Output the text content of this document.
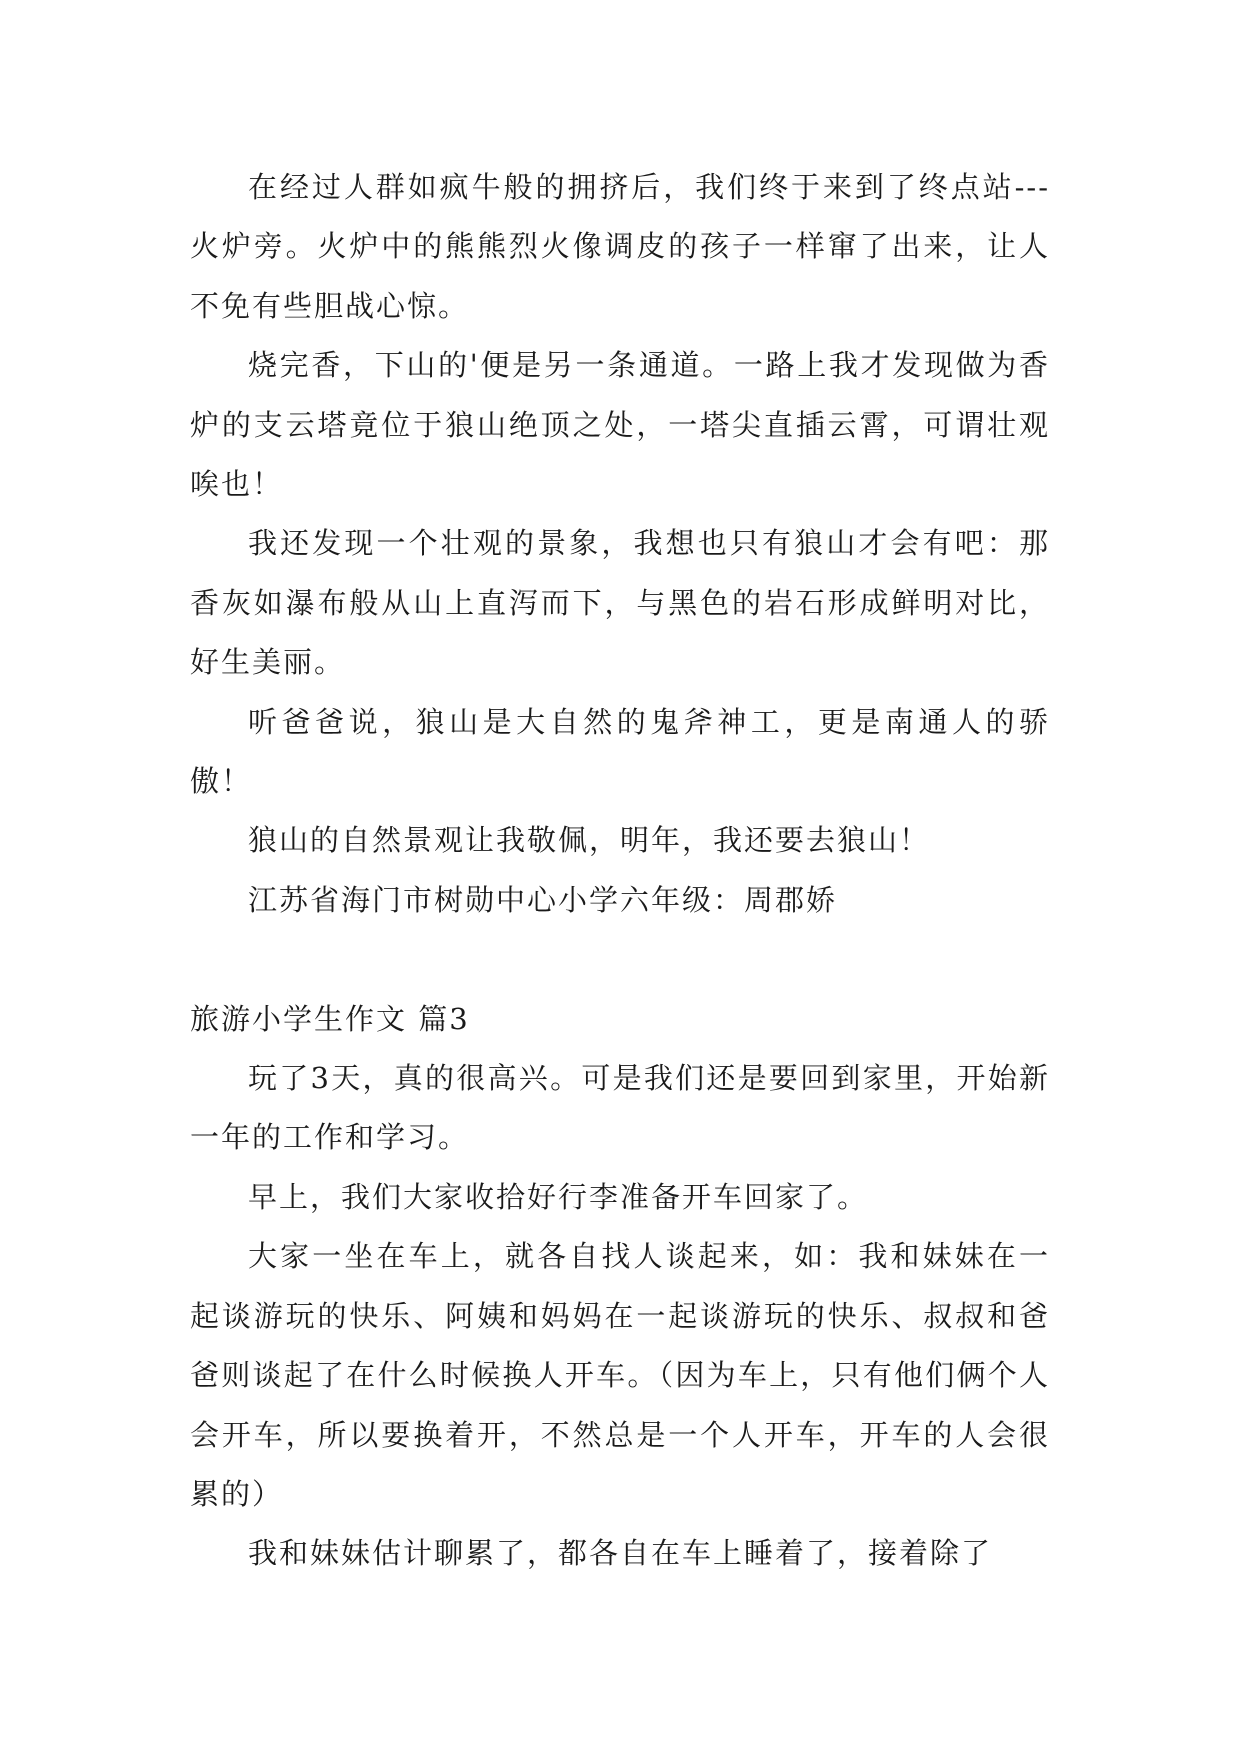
在经过人群如疯牛般的拥挤后，我们终于来到了终点站---火炉旁。火炉中的熊熊烈火像调皮的孩子一样窜了出来，让人不免有些胆战心惊。

烧完香，下山的'便是另一条通道。一路上我才发现做为香炉的支云塔竟位于狼山绝顶之处，一塔尖直插云霄，可谓壮观唉也！

我还发现一个壮观的景象，我想也只有狼山才会有吧：那香灰如瀑布般从山上直泻而下，与黑色的岩石形成鲜明对比，好生美丽。

听爸爸说，狼山是大自然的鬼斧神工，更是南通人的骄傲！

狼山的自然景观让我敬佩，明年，我还要去狼山！

江苏省海门市树勋中心小学六年级：周郡娇

旅游小学生作文 篇3

玩了3天，真的很高兴。可是我们还是要回到家里，开始新一年的工作和学习。

早上，我们大家收拾好行李准备开车回家了。

大家一坐在车上，就各自找人谈起来，如：我和妹妹在一起谈游玩的快乐、阿姨和妈妈在一起谈游玩的快乐、叔叔和爸爸则谈起了在什么时候换人开车。（因为车上，只有他们俩个人会开车，所以要换着开，不然总是一个人开车，开车的人会很累的）

我和妹妹估计聊累了，都各自在车上睡着了，接着除了
